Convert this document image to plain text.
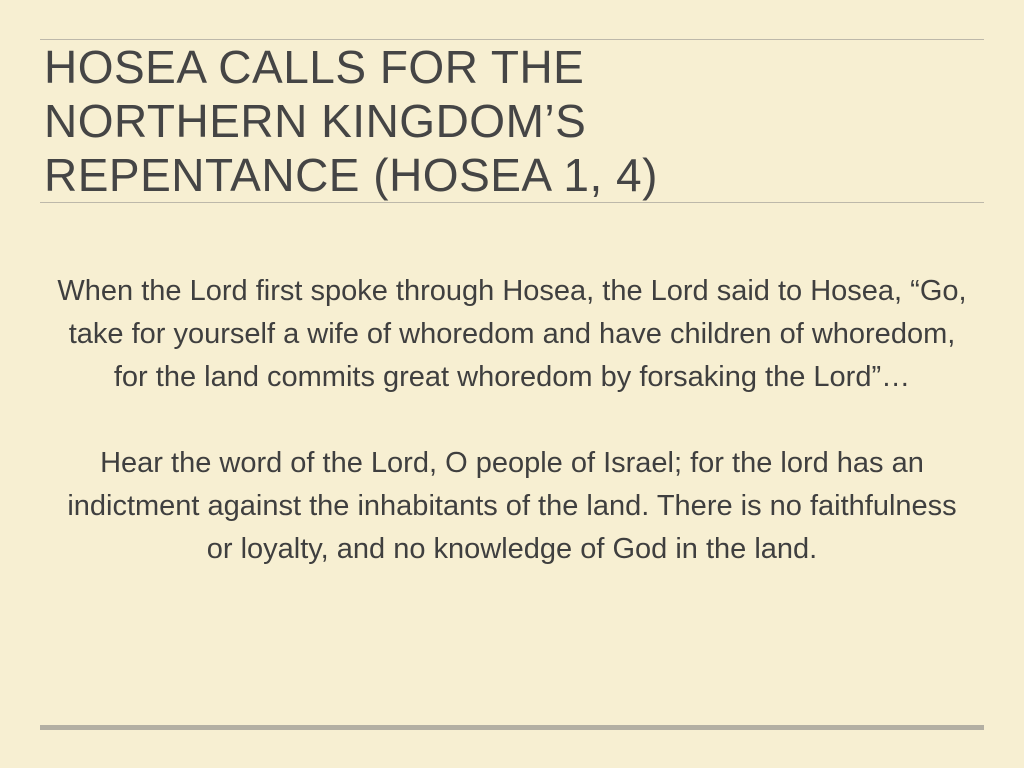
HOSEA CALLS FOR THE
NORTHERN KINGDOM’S
REPENTANCE (HOSEA 1, 4)

When the Lord first spoke through Hosea, the Lord said to Hosea, “Go, take for yourself a wife of whoredom and have children of whoredom, for the land commits great whoredom by forsaking the Lord”…

Hear the word of the Lord, O people of Israel; for the lord has an indictment against the inhabitants of the land. There is no faithfulness or loyalty, and no knowledge of God in the land.
